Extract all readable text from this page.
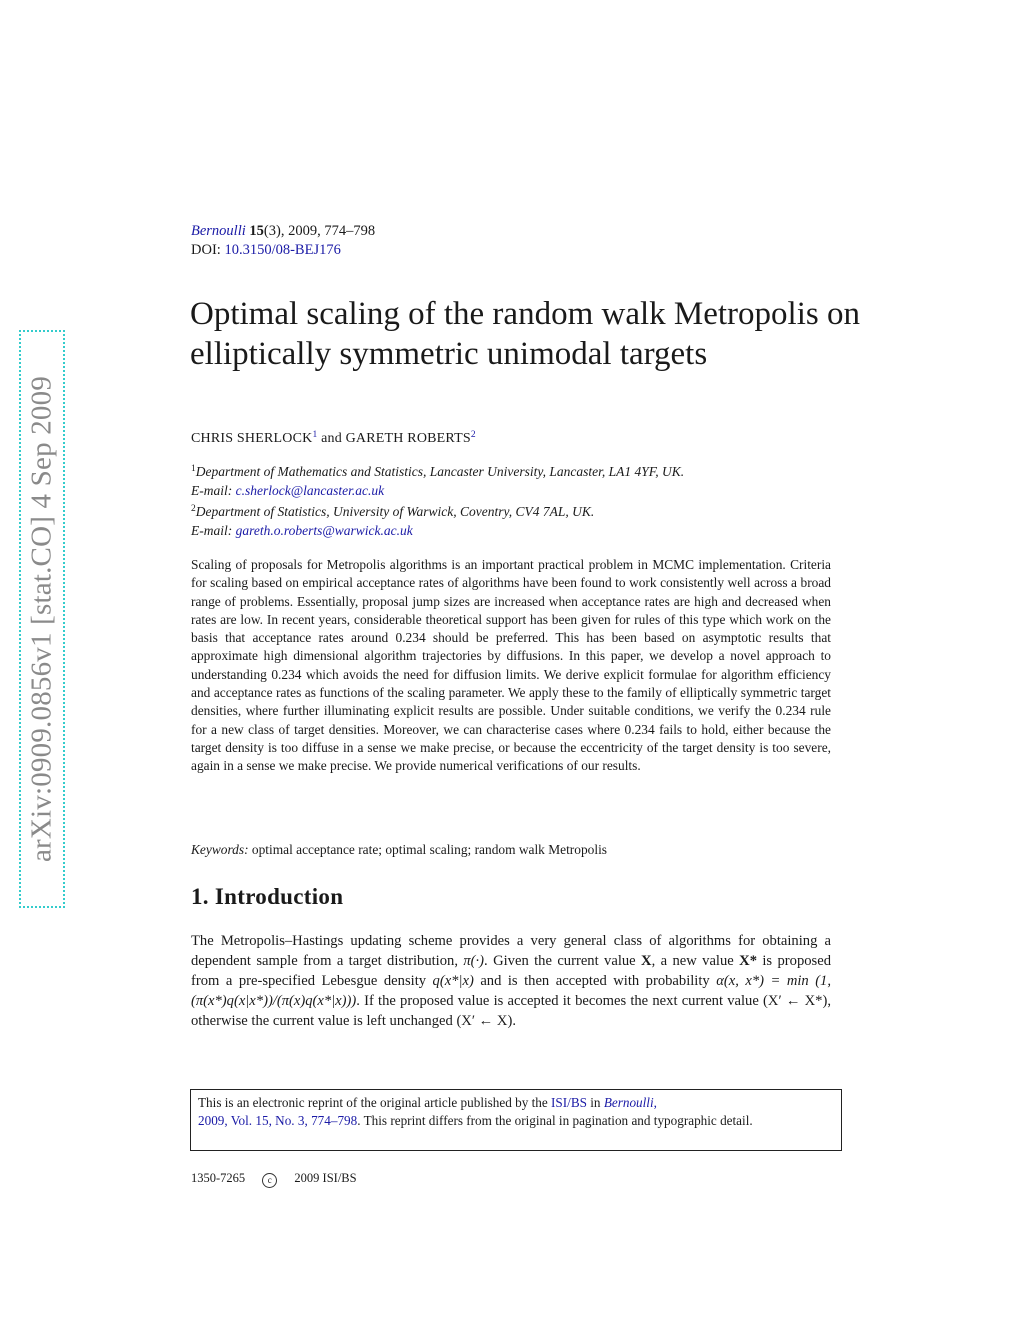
arXiv:0909.0856v1 [stat.CO] 4 Sep 2009
Bernoulli 15(3), 2009, 774–798
DOI: 10.3150/08-BEJ176
Optimal scaling of the random walk Metropolis on elliptically symmetric unimodal targets
CHRIS SHERLOCK$^1$ and GARETH ROBERTS$^2$
$^1$Department of Mathematics and Statistics, Lancaster University, Lancaster, LA1 4YF, UK.
E-mail: c.sherlock@lancaster.ac.uk
$^2$Department of Statistics, University of Warwick, Coventry, CV4 7AL, UK.
E-mail: gareth.o.roberts@warwick.ac.uk

Scaling of proposals for Metropolis algorithms is an important practical problem in MCMC implementation. Criteria for scaling based on empirical acceptance rates of algorithms have been found to work consistently well across a broad range of problems. Essentially, proposal jump sizes are increased when acceptance rates are high and decreased when rates are low. In recent years, considerable theoretical support has been given for rules of this type which work on the basis that acceptance rates around 0.234 should be preferred. This has been based on asymptotic results that approximate high dimensional algorithm trajectories by diffusions. In this paper, we develop a novel approach to understanding 0.234 which avoids the need for diffusion limits. We derive explicit formulae for algorithm efficiency and acceptance rates as functions of the scaling parameter. We apply these to the family of elliptically symmetric target densities, where further illuminating explicit results are possible. Under suitable conditions, we verify the 0.234 rule for a new class of target densities. Moreover, we can characterise cases where 0.234 fails to hold, either because the target density is too diffuse in a sense we make precise, or because the eccentricity of the target density is too severe, again in a sense we make precise. We provide numerical verifications of our results.

Keywords: optimal acceptance rate; optimal scaling; random walk Metropolis
1. Introduction

The Metropolis–Hastings updating scheme provides a very general class of algorithms for obtaining a dependent sample from a target distribution, π(·). Given the current value X, a new value X* is proposed from a pre-specified Lebesgue density q(x*|x) and is then accepted with probability α(x, x*) = min (1, (π(x*)q(x|x*))/(π(x)q(x*|x))). If the proposed value is accepted it becomes the next current value (X′ ← X*), otherwise the current value is left unchanged (X′ ← X).

This is an electronic reprint of the original article published by the ISI/BS in Bernoulli,
2009, Vol. 15, No. 3, 774–798. This reprint differs from the original in pagination and typographic detail.
1350-7265	c 2009 ISI/BS
